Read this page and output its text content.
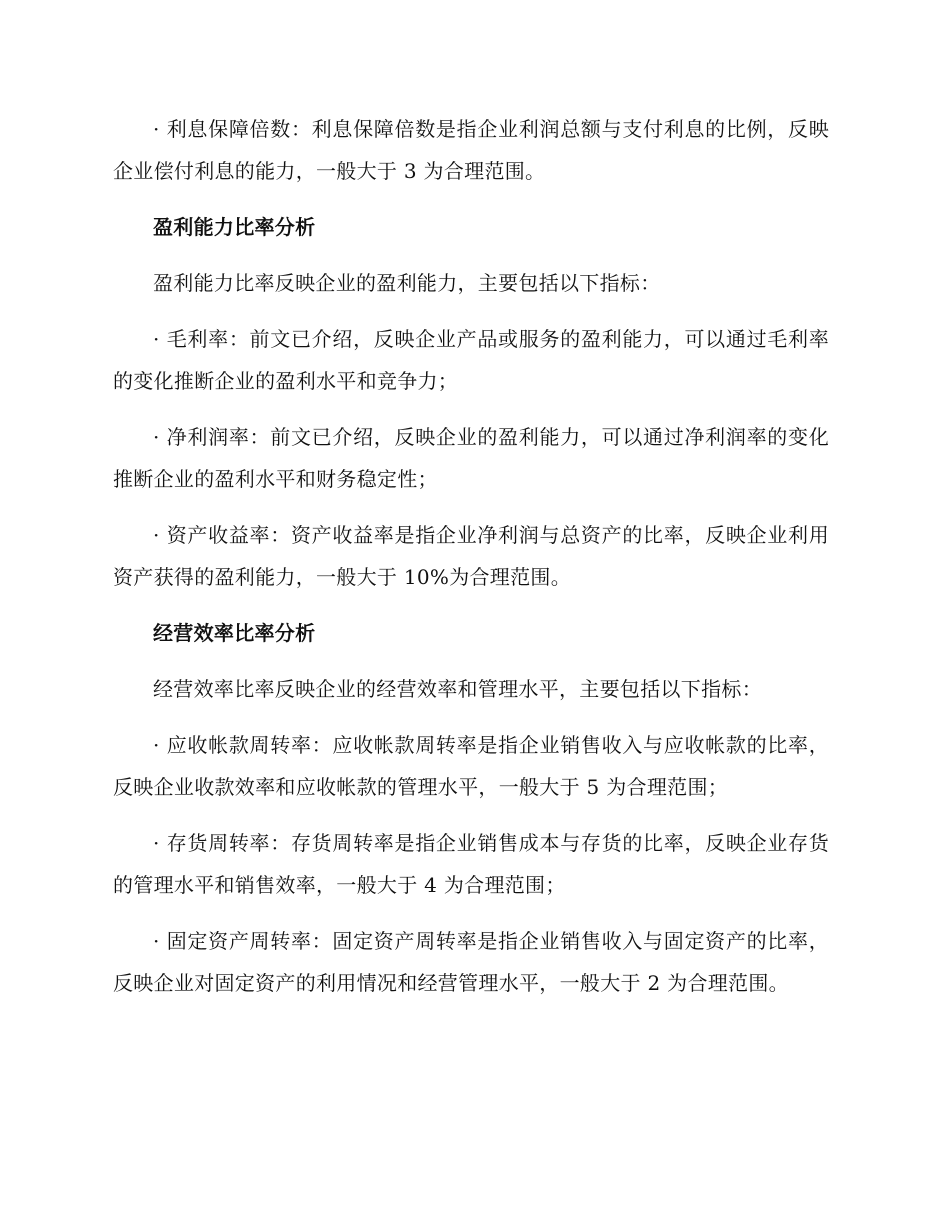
· 利息保障倍数：利息保障倍数是指企业利润总额与支付利息的比例，反映企业偿付利息的能力，一般大于 3 为合理范围。

盈利能力比率分析

盈利能力比率反映企业的盈利能力，主要包括以下指标：

· 毛利率：前文已介绍，反映企业产品或服务的盈利能力，可以通过毛利率的变化推断企业的盈利水平和竞争力；

· 净利润率：前文已介绍，反映企业的盈利能力，可以通过净利润率的变化推断企业的盈利水平和财务稳定性；

· 资产收益率：资产收益率是指企业净利润与总资产的比率，反映企业利用资产获得的盈利能力，一般大于 10%为合理范围。

经营效率比率分析

经营效率比率反映企业的经营效率和管理水平，主要包括以下指标：

· 应收帐款周转率：应收帐款周转率是指企业销售收入与应收帐款的比率，反映企业收款效率和应收帐款的管理水平，一般大于 5 为合理范围；

· 存货周转率：存货周转率是指企业销售成本与存货的比率，反映企业存货的管理水平和销售效率，一般大于 4 为合理范围；

· 固定资产周转率：固定资产周转率是指企业销售收入与固定资产的比率，反映企业对固定资产的利用情况和经营管理水平，一般大于 2 为合理范围。
